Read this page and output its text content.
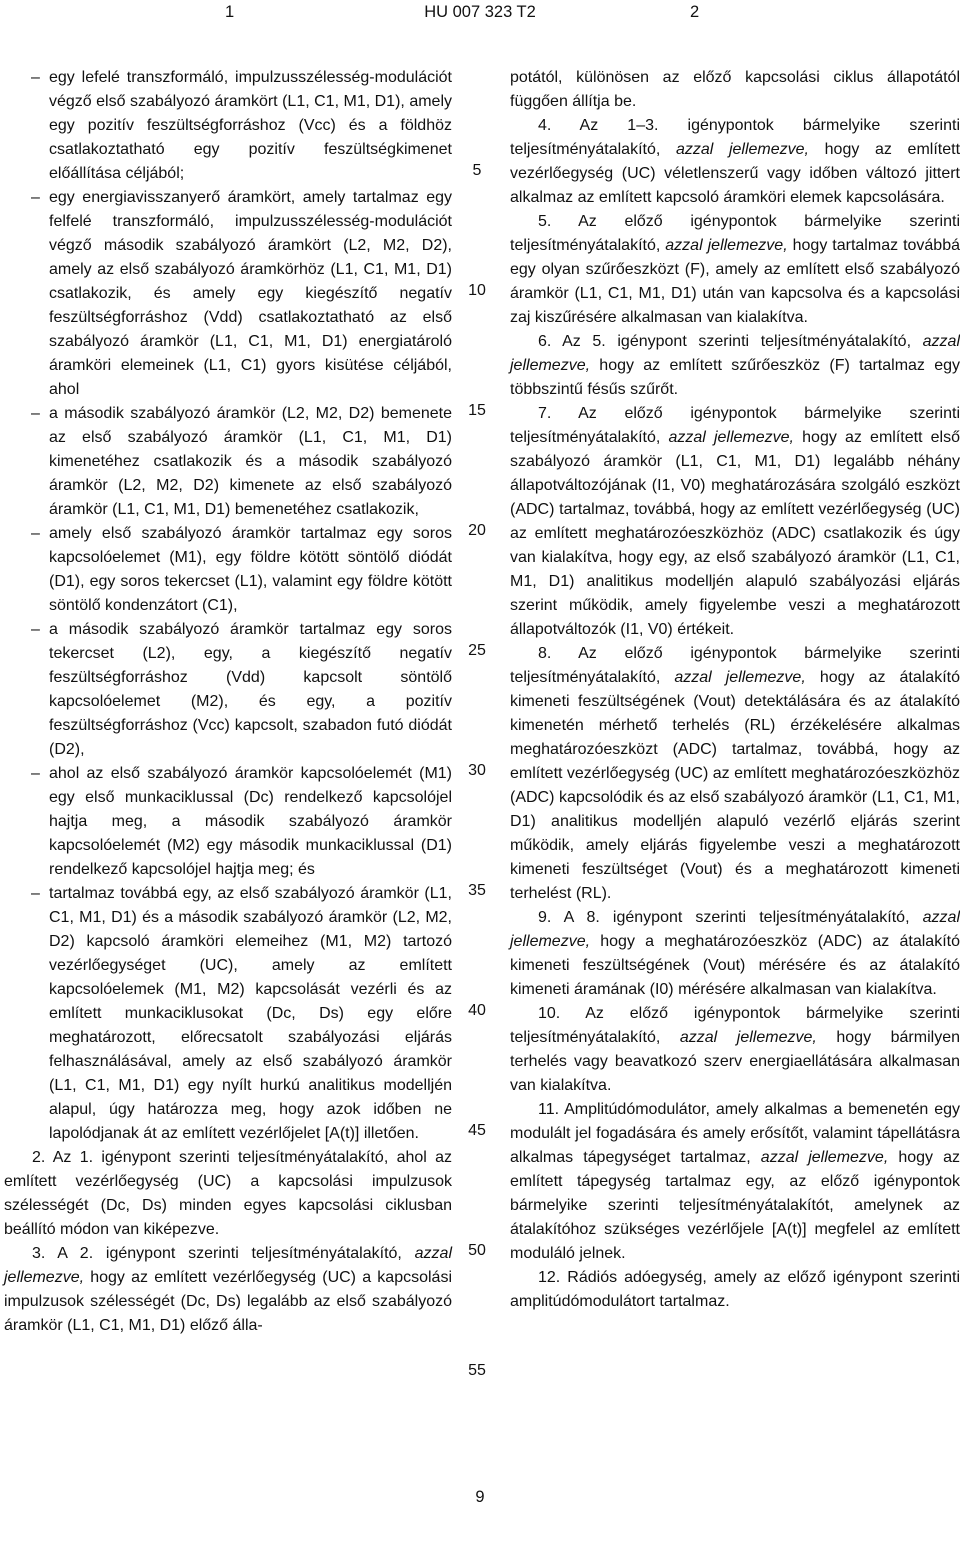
1	HU 007 323 T2	2

– egy lefelé transzformáló, impulzusszélesség-modulációt végző első szabályozó áramkört (L1, C1, M1, D1), amely egy pozitív feszültségforráshoz (Vcc) és a földhöz csatlakoztatható egy pozitív feszültségkimenet előállítása céljából;

– egy energiavisszanyerő áramkört, amely tartalmaz egy felfelé transzformáló, impulzusszélesség-modulációt végző második szabályozó áramkört (L2, M2, D2), amely az első szabályozó áramkörhöz (L1, C1, M1, D1) csatlakozik, és amely egy kiegészítő negatív feszültségforráshoz (Vdd) csatlakoztatható az első szabályozó áramkör (L1, C1, M1, D1) energiatároló áramköri elemeinek (L1, C1) gyors kisütése céljából, ahol

– a második szabályozó áramkör (L2, M2, D2) bemenete az első szabályozó áramkör (L1, C1, M1, D1) kimenetéhez csatlakozik és a második szabályozó áramkör (L2, M2, D2) kimenete az első szabályozó áramkör (L1, C1, M1, D1) bemenetéhez csatlakozik,

– amely első szabályozó áramkör tartalmaz egy soros kapcsolóelemet (M1), egy földre kötött söntölő diódát (D1), egy soros tekercset (L1), valamint egy földre kötött söntölő kondenzátort (C1),

– a második szabályozó áramkör tartalmaz egy soros tekercset (L2), egy, a kiegészítő negatív feszültségforráshoz (Vdd) kapcsolt söntölő kapcsolóelemet (M2), és egy, a pozitív feszültségforráshoz (Vcc) kapcsolt, szabadon futó diódát (D2),

– ahol az első szabályozó áramkör kapcsolóelemét (M1) egy első munkaciklussal (Dc) rendelkező kapcsolójel hajtja meg, a második szabályozó áramkör kapcsolóelemét (M2) egy második munkaciklussal (D1) rendelkező kapcsolójel hajtja meg; és

– tartalmaz továbbá egy, az első szabályozó áramkör (L1, C1, M1, D1) és a második szabályozó áramkör (L2, M2, D2) kapcsoló áramköri elemeihez (M1, M2) tartozó vezérlőegységet (UC), amely az említett kapcsolóelemek (M1, M2) kapcsolását vezérli és az említett munkaciklusokat (Dc, Ds) egy előre meghatározott, előrecsatolt szabályozási eljárás felhasználásával, amely az első szabályozó áramkör (L1, C1, M1, D1) egy nyílt hurkú analitikus modelljén alapul, úgy határozza meg, hogy azok időben ne lapolódjanak át az említett vezérlőjelet [A(t)] illetően.

2. Az 1. igénypont szerinti teljesítményátalakító, ahol az említett vezérlőegység (UC) a kapcsolási impulzusok szélességét (Dc, Ds) minden egyes kapcsolási ciklusban beállító módon van kiképezve.

3. A 2. igénypont szerinti teljesítményátalakító, azzal jellemezve, hogy az említett vezérlőegység (UC) a kapcsolási impulzusok szélességét (Dc, Ds) legalább az első szabályozó áramkör (L1, C1, M1, D1) előző álla-

5
10
15
20
25
30
35
40
45
50
55

potától, különösen az előző kapcsolási ciklus állapotától függően állítja be.

4. Az 1–3. igénypontok bármelyike szerinti teljesítményátalakító, azzal jellemezve, hogy az említett vezérlőegység (UC) véletlenszerű vagy időben változó jittert alkalmaz az említett kapcsoló áramköri elemek kapcsolására.

5. Az előző igénypontok bármelyike szerinti teljesítményátalakító, azzal jellemezve, hogy tartalmaz továbbá egy olyan szűrőeszközt (F), amely az említett első szabályozó áramkör (L1, C1, M1, D1) után van kapcsolva és a kapcsolási zaj kiszűrésére alkalmasan van kialakítva.

6. Az 5. igénypont szerinti teljesítményátalakító, azzal jellemezve, hogy az említett szűrőeszköz (F) tartalmaz egy többszintű fésűs szűrőt.

7. Az előző igénypontok bármelyike szerinti teljesítményátalakító, azzal jellemezve, hogy az említett első szabályozó áramkör (L1, C1, M1, D1) legalább néhány állapotváltozójának (I1, V0) meghatározására szolgáló eszközt (ADC) tartalmaz, továbbá, hogy az említett vezérlőegység (UC) az említett meghatározóeszközhöz (ADC) csatlakozik és úgy van kialakítva, hogy egy, az első szabályozó áramkör (L1, C1, M1, D1) analitikus modelljén alapuló szabályozási eljárás szerint működik, amely figyelembe veszi a meghatározott állapotváltozók (I1, V0) értékeit.

8. Az előző igénypontok bármelyike szerinti teljesítményátalakító, azzal jellemezve, hogy az átalakító kimeneti feszültségének (Vout) detektálására és az átalakító kimenetén mérhető terhelés (RL) érzékelésére alkalmas meghatározóeszközt (ADC) tartalmaz, továbbá, hogy az említett vezérlőegység (UC) az említett meghatározóeszközhöz (ADC) kapcsolódik és az első szabályozó áramkör (L1, C1, M1, D1) analitikus modelljén alapuló vezérlő eljárás szerint működik, amely eljárás figyelembe veszi a meghatározott kimeneti feszültséget (Vout) és a meghatározott kimeneti terhelést (RL).

9. A 8. igénypont szerinti teljesítményátalakító, azzal jellemezve, hogy a meghatározóeszköz (ADC) az átalakító kimeneti feszültségének (Vout) mérésére és az átalakító kimeneti áramának (I0) mérésére alkalmasan van kialakítva.

10. Az előző igénypontok bármelyike szerinti teljesítményátalakító, azzal jellemezve, hogy bármilyen terhelés vagy beavatkozó szerv energiaellátására alkalmasan van kialakítva.

11. Amplitúdómodulátor, amely alkalmas a bemenetén egy modulált jel fogadására és amely erősítőt, valamint tápellátásra alkalmas tápegységet tartalmaz, azzal jellemezve, hogy az említett tápegység tartalmaz egy, az előző igénypontok bármelyike szerinti teljesítményátalakítót, amelynek az átalakítóhoz szükséges vezérlőjele [A(t)] megfelel az említett moduláló jelnek.

12. Rádiós adóegység, amely az előző igénypont szerinti amplitúdómodulátort tartalmaz.

9
